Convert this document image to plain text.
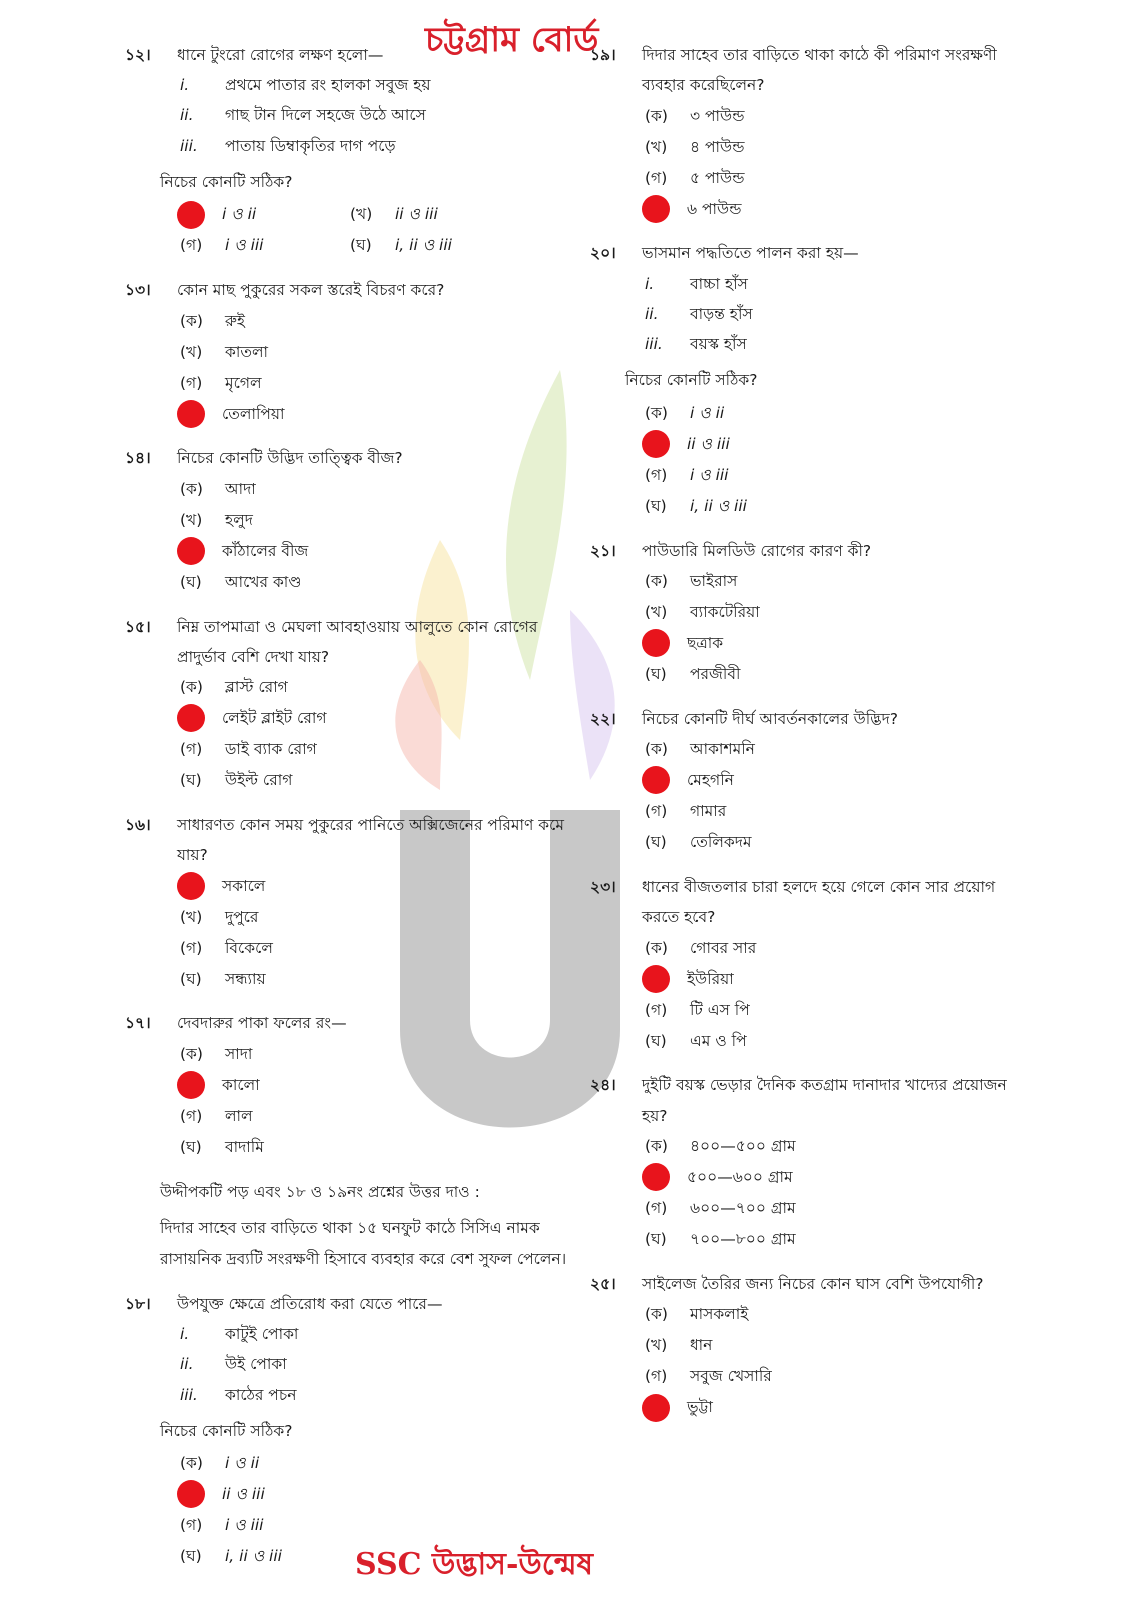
চট্টগ্রাম বোর্ড
১২।	ধানে টুংরো রোগের লক্ষণ হলো—
i.	প্রথমে পাতার রং হালকা সবুজ হয়
ii.	গাছ টান দিলে সহজে উঠে আসে
iii.	পাতায় ডিম্বাকৃতির দাগ পড়ে
নিচের কোনটি সঠিক?
i ও ii	(খ)	ii ও iii
(গ)	i ও iii	(ঘ)	i, ii ও iii
১৩।	কোন মাছ পুকুরের সকল স্তরেই বিচরণ করে?
(ক)	রুই
(খ)	কাতলা
(গ)	মৃগেল
তেলাপিয়া
১৪।	নিচের কোনটি উদ্ভিদ তাত্ত্বিক বীজ?
(ক)	আদা
(খ)	হলুদ
কাঁঠালের বীজ
(ঘ)	আখের কাণ্ড
১৫।	নিম্ন তাপমাত্রা ও মেঘলা আবহাওয়ায় আলুতে কোন রোগের প্রাদুর্ভাব বেশি দেখা যায়?
(ক)	ব্লাস্ট রোগ
লেইট ব্লাইট রোগ
(গ)	ডাই ব্যাক রোগ
(ঘ)	উইল্ট রোগ
১৬।	সাধারণত কোন সময় পুকুরের পানিতে অক্সিজেনের পরিমাণ কমে যায়?
সকালে
(খ)	দুপুরে
(গ)	বিকেলে
(ঘ)	সন্ধ্যায়
১৭।	দেবদারুর পাকা ফলের রং—
(ক)	সাদা
কালো
(গ)	লাল
(ঘ)	বাদামি
উদ্দীপকটি পড় এবং ১৮ ও ১৯নং প্রশ্নের উত্তর দাও :
দিদার সাহেব তার বাড়িতে থাকা ১৫ ঘনফুট কাঠে সিসিএ নামক রাসায়নিক দ্রব্যটি সংরক্ষণী হিসাবে ব্যবহার করে বেশ সুফল পেলেন।
১৮।	উপযুক্ত ক্ষেত্রে প্রতিরোধ করা যেতে পারে—
i.	কাটুই পোকা
ii.	উই পোকা
iii.	কাঠের পচন
নিচের কোনটি সঠিক?
(ক)	i ও ii
ii ও iii
(গ)	i ও iii
(ঘ)	i, ii ও iii
১৯।	দিদার সাহেব তার বাড়িতে থাকা কাঠে কী পরিমাণ সংরক্ষণী ব্যবহার করেছিলেন?
(ক)	৩ পাউন্ড
(খ)	৪ পাউন্ড
(গ)	৫ পাউন্ড
৬ পাউন্ড
২০।	ভাসমান পদ্ধতিতে পালন করা হয়—
i.	বাচ্চা হাঁস
ii.	বাড়ন্ত হাঁস
iii.	বয়স্ক হাঁস
নিচের কোনটি সঠিক?
(ক)	i ও ii
ii ও iii
(গ)	i ও iii
(ঘ)	i, ii ও iii
২১।	পাউডারি মিলডিউ রোগের কারণ কী?
(ক)	ভাইরাস
(খ)	ব্যাকটেরিয়া
ছত্রাক
(ঘ)	পরজীবী
২২।	নিচের কোনটি দীর্ঘ আবর্তনকালের উদ্ভিদ?
(ক)	আকাশমনি
মেহগনি
(গ)	গামার
(ঘ)	তেলিকদম
২৩।	ধানের বীজতলার চারা হলদে হয়ে গেলে কোন সার প্রয়োগ করতে হবে?
(ক)	গোবর সার
ইউরিয়া
(গ)	টি এস পি
(ঘ)	এম ও পি
২৪।	দুইটি বয়স্ক ভেড়ার দৈনিক কতগ্রাম দানাদার খাদ্যের প্রয়োজন হয়?
(ক)	৪০০—৫০০ গ্রাম
৫০০—৬০০ গ্রাম
(গ)	৬০০—৭০০ গ্রাম
(ঘ)	৭০০—৮০০ গ্রাম
২৫।	সাইলেজ তৈরির জন্য নিচের কোন ঘাস বেশি উপযোগী?
(ক)	মাসকলাই
(খ)	ধান
(গ)	সবুজ খেসারি
ভুট্টা
SSC উদ্ভাস-উন্মেষ
